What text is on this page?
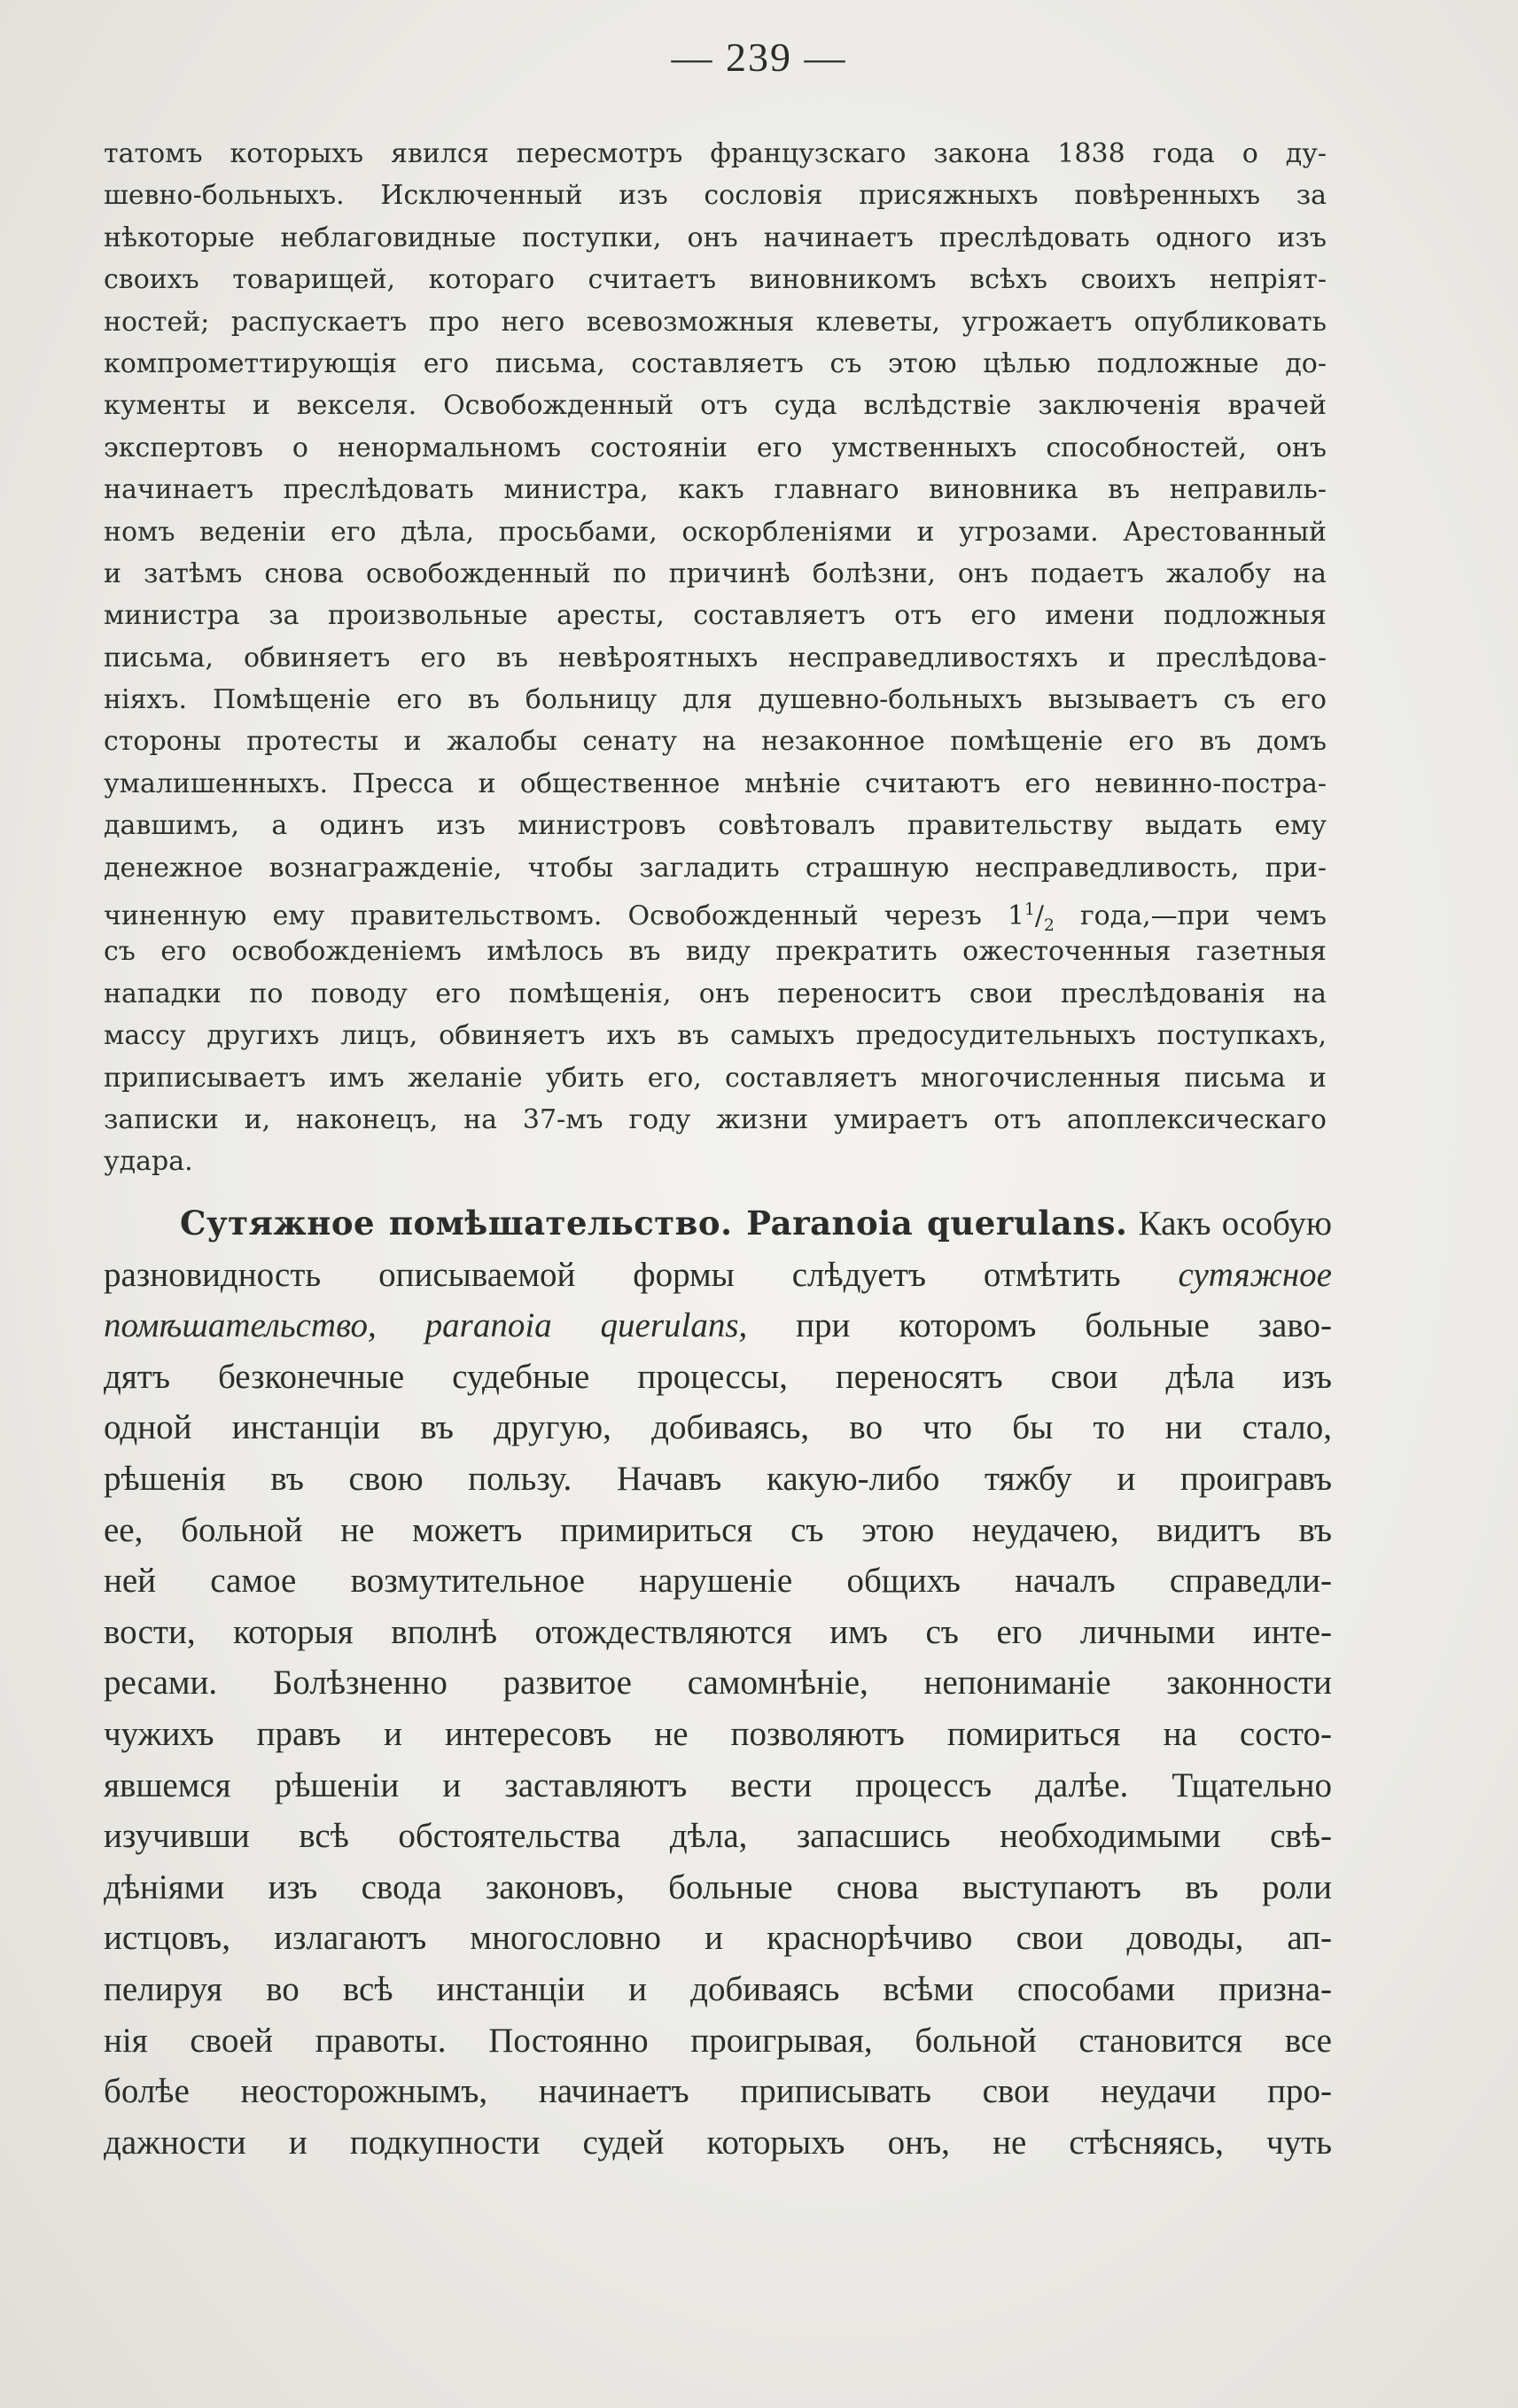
— 239 —
татомъ которыхъ явился пересмотръ французскаго закона 1838 года о ду-
шевно-больныхъ. Исключенный изъ сословія присяжныхъ повѣренныхъ за
нѣкоторые неблаговидные поступки, онъ начинаетъ преслѣдовать одного изъ
своихъ товарищей, котораго считаетъ виновникомъ всѣхъ своихъ непріят-
ностей; распускаетъ про него всевозможныя клеветы, угрожаетъ опубликовать
компрометтирующія его письма, составляетъ съ этою цѣлью подложные до-
кументы и векселя. Освобожденный отъ суда вслѣдствіе заключенія врачей
экспертовъ о ненормальномъ состояніи его умственныхъ способностей, онъ
начинаетъ преслѣдовать министра, какъ главнаго виновника въ неправиль-
номъ веденіи его дѣла, просьбами, оскорбленіями и угрозами. Арестованный
и затѣмъ снова освобожденный по причинѣ болѣзни, онъ подаетъ жалобу на
министра за произвольные аресты, составляетъ отъ его имени подложныя
письма, обвиняетъ его въ невѣроятныхъ несправедливостяхъ и преслѣдова-
ніяхъ. Помѣщеніе его въ больницу для душевно-больныхъ вызываетъ съ его
стороны протесты и жалобы сенату на незаконное помѣщеніе его въ домъ
умалишенныхъ. Пресса и общественное мнѣніе считаютъ его невинно-постра-
давшимъ, а одинъ изъ министровъ совѣтовалъ правительству выдать ему
денежное вознагражденіе, чтобы загладить страшную несправедливость, при-
чиненную ему правительствомъ. Освобожденный черезъ $1^1/_2$ года,—при чемъ
съ его освобожденіемъ имѣлось въ виду прекратить ожесточенныя газетныя
нападки по поводу его помѣщенія, онъ переноситъ свои преслѣдованія на
массу другихъ лицъ, обвиняетъ ихъ въ самыхъ предосудительныхъ поступкахъ,
приписываетъ имъ желаніе убить его, составляетъ многочисленныя письма и
записки и, наконецъ, на 37-мъ году жизни умираетъ отъ апоплексическаго
удара.
Сутяжное помѣшательство. Paranoia querulans. Какъ особую
разновидность описываемой формы слѣдуетъ отмѣтить сутяжное
помѣшательство, paranoia querulans, при которомъ больные заво-
дятъ безконечные судебные процессы, переносятъ свои дѣла изъ
одной инстанціи въ другую, добиваясь, во что бы то ни стало,
рѣшенія въ свою пользу. Начавъ какую-либо тяжбу и проигравъ
ее, больной не можетъ примириться съ этою неудачею, видитъ въ
ней самое возмутительное нарушеніе общихъ началъ справедли-
вости, которыя вполнѣ отождествляются имъ съ его личными инте-
ресами. Болѣзненно развитое самомнѣніе, непониманіе законности
чужихъ правъ и интересовъ не позволяютъ помириться на состо-
явшемся рѣшеніи и заставляютъ вести процессъ далѣе. Тщательно
изучивши всѣ обстоятельства дѣла, запасшись необходимыми свѣ-
дѣніями изъ свода законовъ, больные снова выступаютъ въ роли
истцовъ, излагаютъ многословно и краснорѣчиво свои доводы, ап-
пелируя во всѣ инстанціи и добиваясь всѣми способами призна-
нія своей правоты. Постоянно проигрывая, больной становится все
болѣе неосторожнымъ, начинаетъ приписывать свои неудачи про-
дажности и подкупности судей которыхъ онъ, не стѣсняясь, чуть
